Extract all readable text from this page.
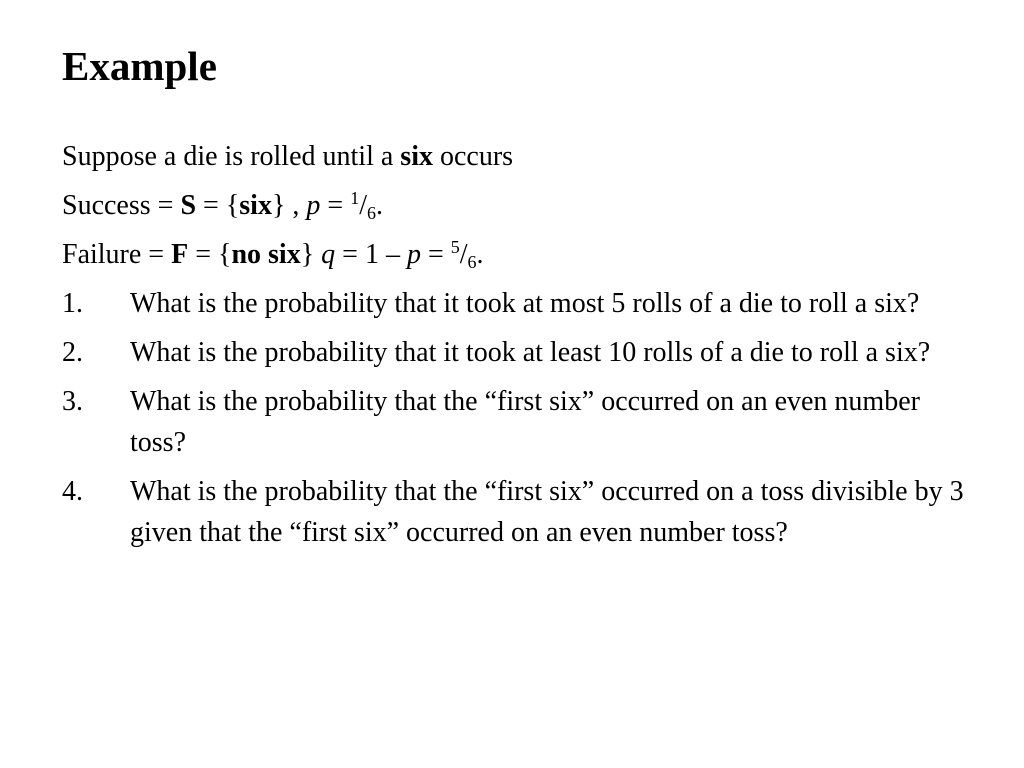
Example

Suppose a die is rolled until a six occurs

Success = S = {six} , $p = ^1/_6$.

Failure = F = {no six} $q = 1 - p = ^5/_6$.

1. What is the probability that it took at most 5 rolls of a die to roll a six?
2. What is the probability that it took at least 10 rolls of a die to roll a six?
3. What is the probability that the “first six” occurred on an even number toss?
4. What is the probability that the “first six” occurred on a toss divisible by 3 given that the “first six” occurred on an even number toss?
